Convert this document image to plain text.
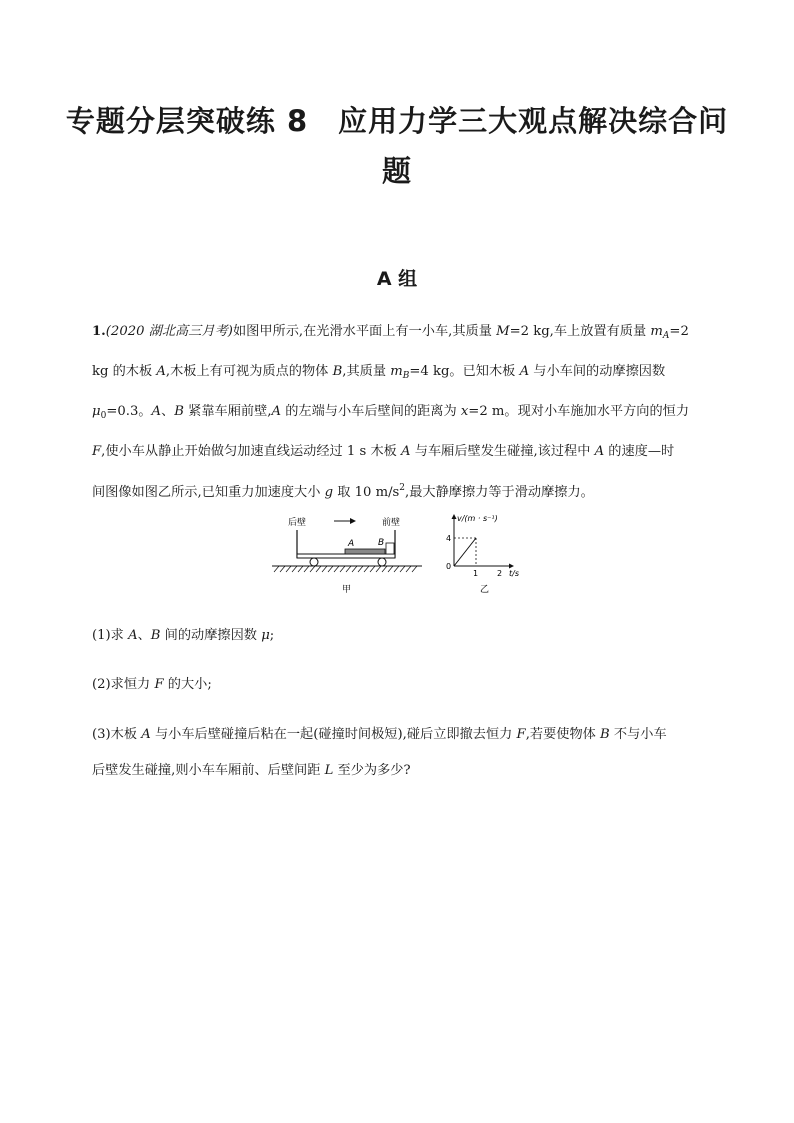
专题分层突破练 8　应用力学三大观点解决综合问
题
A 组

1.(2020 湖北高三月考)如图甲所示,在光滑水平面上有一小车,其质量 M=2 kg,车上放置有质量 $m_A=2$

kg 的木板 A,木板上有可视为质点的物体 B,其质量 $m_B=4$ kg。已知木板 A 与小车间的动摩擦因数

$\mu_0=0.3$。A、B 紧靠车厢前壁,A 的左端与小车后壁间的距离为 x=2 m。现对小车施加水平方向的恒力

F,使小车从静止开始做匀加速直线运动经过 1 s 木板 A 与车厢后壁发生碰撞,该过程中 A 的速度—时

间图像如图乙所示,已知重力加速度大小 g 取 10 $m/s^2$,最大静摩擦力等于滑动摩擦力。

后壁	前壁
A	B
甲
v/(m · s⁻¹)
t/s
4
0
1 2
乙
(1)求 A、B 间的动摩擦因数 μ;
(2)求恒力 F 的大小;
(3)木板 A 与小车后壁碰撞后粘在一起(碰撞时间极短),碰后立即撤去恒力 F,若要使物体 B 不与小车
后壁发生碰撞,则小车车厢前、后壁间距 L 至少为多少?
